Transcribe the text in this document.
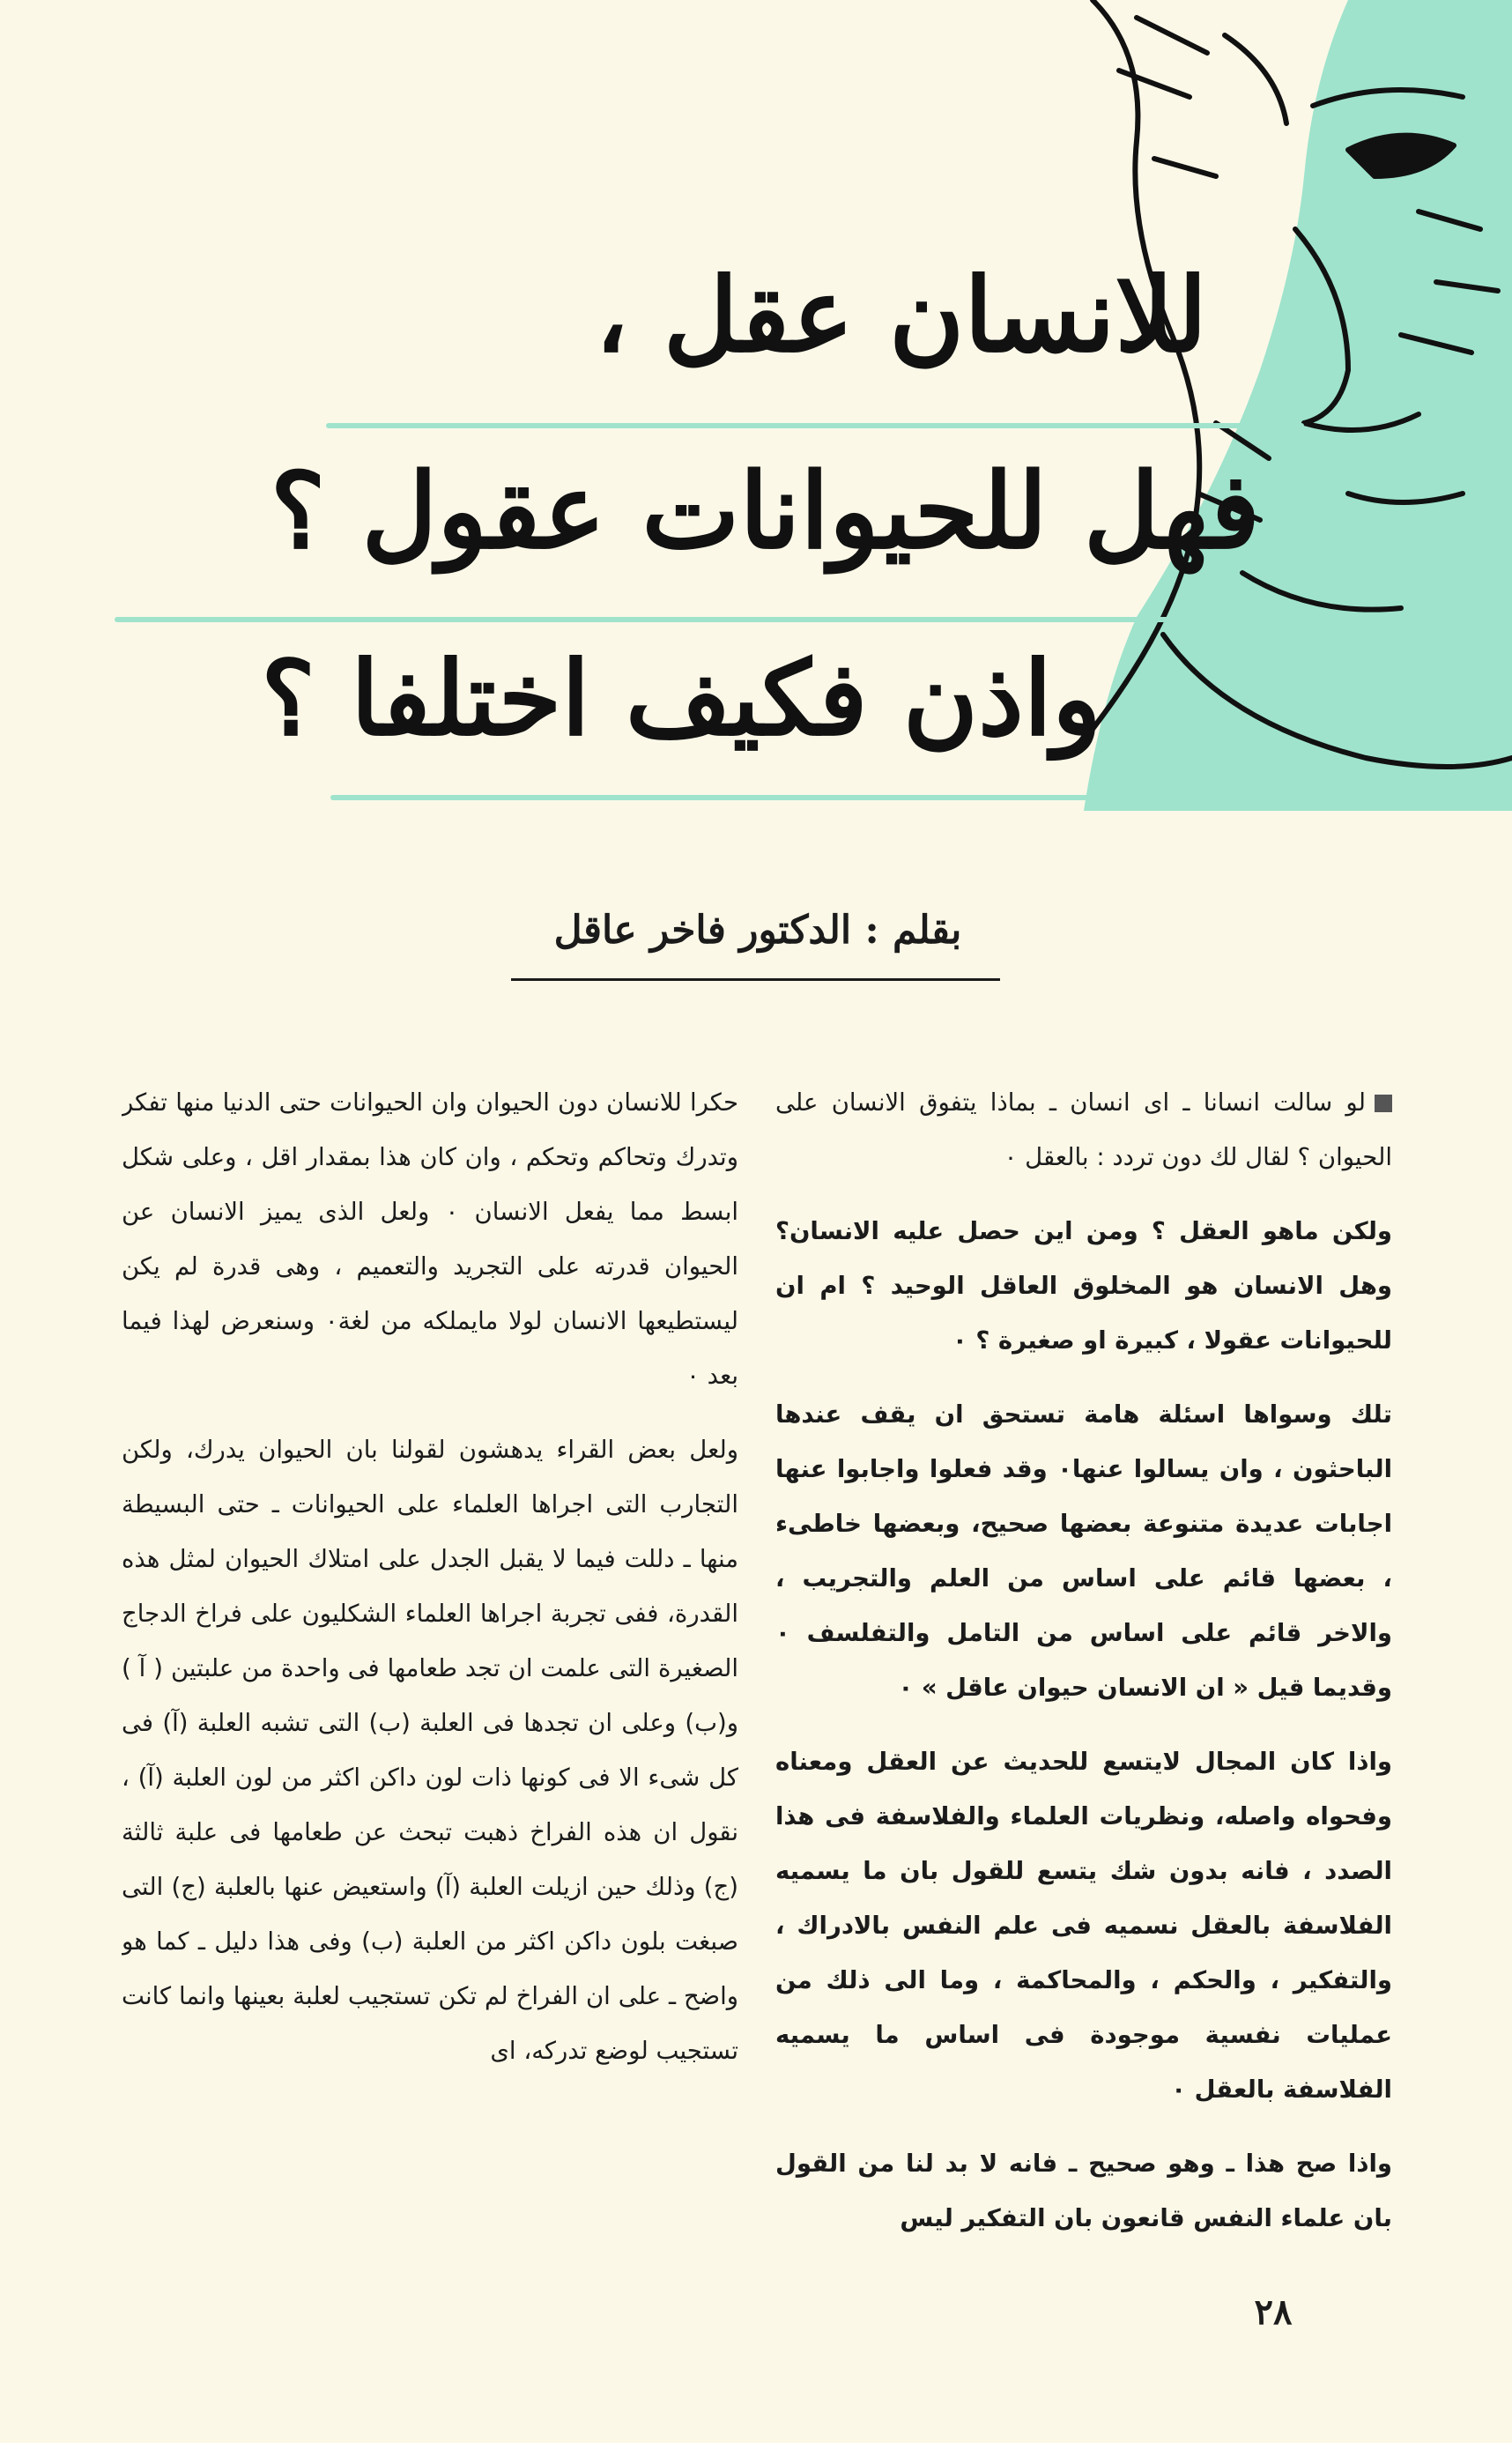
للانسان عقل ،
فهل للحيوانات عقول ؟
واذن فكيف اختلفا ؟
بقلم : الدكتور فاخر عاقل

لو سالت انسانا ـ اى انسان ـ بماذا يتفوق الانسان على الحيوان ؟ لقال لك دون تردد : بالعقل ٠

ولكن ماهو العقل ؟ ومن اين حصل عليه الانسان؟ وهل الانسان هو المخلوق العاقل الوحيد ؟ ام ان للحيوانات عقولا ، كبيرة او صغيرة ؟ ٠

تلك وسواها اسئلة هامة تستحق ان يقف عندها الباحثون ، وان يسالوا عنها٠ وقد فعلوا واجابوا عنها اجابات عديدة متنوعة بعضها صحيح، وبعضها خاطىء ، بعضها قائم على اساس من العلم والتجريب ، والاخر قائم على اساس من التامل والتفلسف ٠ وقديما قيل « ان الانسان حيوان عاقل » ٠

واذا كان المجال لايتسع للحديث عن العقل ومعناه وفحواه واصله، ونظريات العلماء والفلاسفة فى هذا الصدد ، فانه بدون شك يتسع للقول بان ما يسميه الفلاسفة بالعقل نسميه فى علم النفس بالادراك ، والتفكير ، والحكم ، والمحاكمة ، وما الى ذلك من عمليات نفسية موجودة فى اساس ما يسميه الفلاسفة بالعقل ٠

واذا صح هذا ـ وهو صحيح ـ فانه لا بد لنا من القول بان علماء النفس قانعون بان التفكير ليس

حكرا للانسان دون الحيوان وان الحيوانات حتى الدنيا منها تفكر وتدرك وتحاكم وتحكم ، وان كان هذا بمقدار اقل ، وعلى شكل ابسط مما يفعل الانسان ٠ ولعل الذى يميز الانسان عن الحيوان قدرته على التجريد والتعميم ، وهى قدرة لم يكن ليستطيعها الانسان لولا مايملكه من لغة٠ وسنعرض لهذا فيما بعد ٠

ولعل بعض القراء يدهشون لقولنا بان الحيوان يدرك، ولكن التجارب التى اجراها العلماء على الحيوانات ـ حتى البسيطة منها ـ دللت فيما لا يقبل الجدل على امتلاك الحيوان لمثل هذه القدرة، ففى تجربة اجراها العلماء الشكليون على فراخ الدجاج الصغيرة التى علمت ان تجد طعامها فى واحدة من علبتين ( آ ) و(ب) وعلى ان تجدها فى العلبة (ب) التى تشبه العلبة (آ) فى كل شىء الا فى كونها ذات لون داكن اكثر من لون العلبة (آ) ، نقول ان هذه الفراخ ذهبت تبحث عن طعامها فى علبة ثالثة (ج) وذلك حين ازيلت العلبة (آ) واستعيض عنها بالعلبة (ج) التى صبغت بلون داكن اكثر من العلبة (ب) وفى هذا دليل ـ كما هو واضح ـ على ان الفراخ لم تكن تستجيب لعلبة بعينها وانما كانت تستجيب لوضع تدركه، اى

٢٨
